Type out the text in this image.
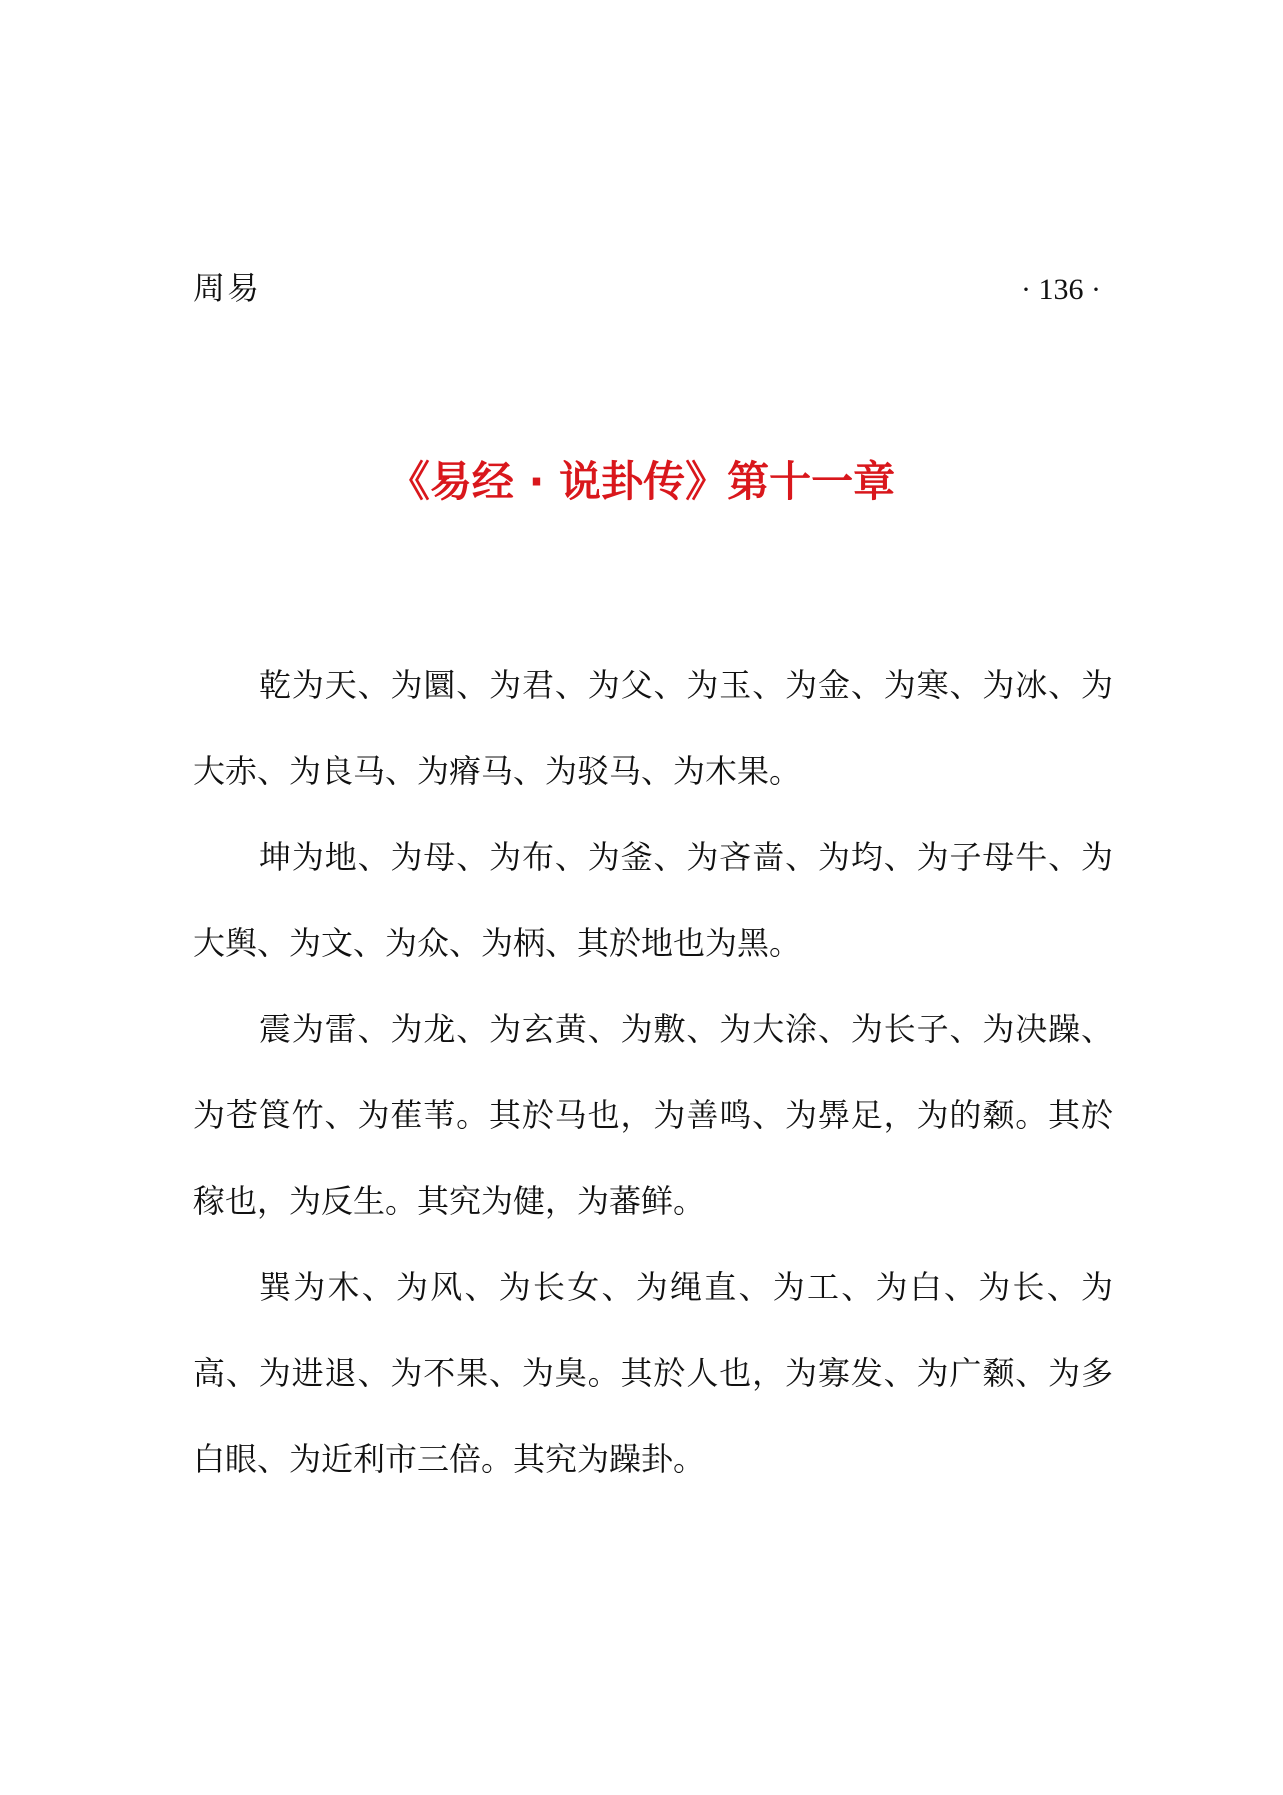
周易	· 136 ·
《易经 · 说卦传》第十一章

乾为天、为圜、为君、为父、为玉、为金、为寒、为冰、为大赤、为良马、为瘠马、为驳马、为木果。

坤为地、为母、为布、为釜、为吝啬、为均、为子母牛、为大舆、为文、为众、为柄、其於地也为黑。

震为雷、为龙、为玄黄、为敷、为大涂、为长子、为决躁、为苍筤竹、为萑苇。其於马也，为善鸣、为馵足，为的颡。其於稼也，为反生。其究为健，为蕃鲜。

巽为木、为风、为长女、为绳直、为工、为白、为长、为高、为进退、为不果、为臭。其於人也，为寡发、为广颡、为多白眼、为近利市三倍。其究为躁卦。
